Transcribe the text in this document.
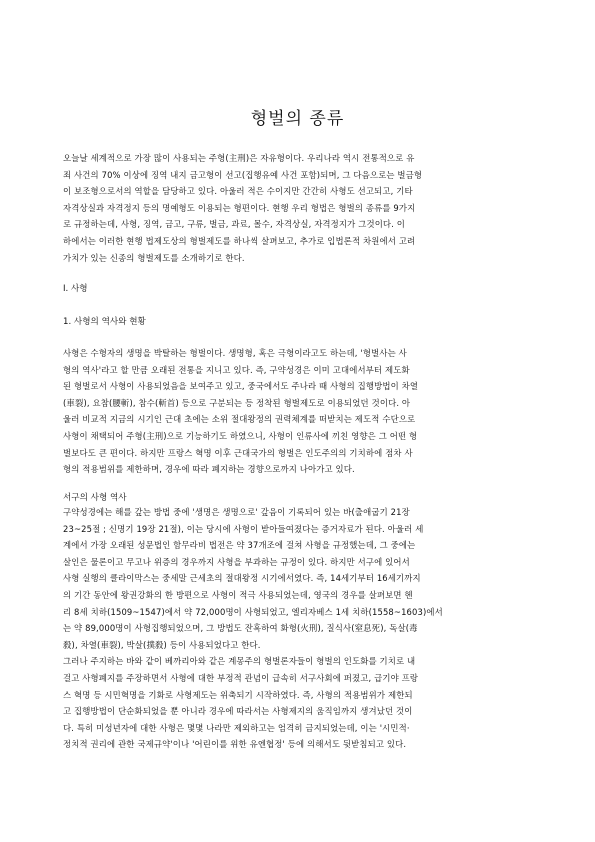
형벌의 종류
오늘날 세계적으로 가장 많이 사용되는 주형(主刑)은 자유형이다. 우리나라 역시 전통적으로 유
죄 사건의 70% 이상에 징역 내지 금고형이 선고(집행유예 사건 포함)되며, 그 다음으로는 벌금형
이 보조형으로서의 역할을 담당하고 있다. 아울러 적은 수이지만 간간히 사형도 선고되고, 기타
자격상실과 자격정지 등의 명예형도 이용되는 형편이다. 현행 우리 형법은 형벌의 종류를 9가지
로 규정하는데, 사형, 징역, 금고, 구류, 벌금, 과료, 몰수, 자격상실, 자격정지가 그것이다. 이
하에서는 이러한 현행 법제도상의 형벌제도를 하나씩 살펴보고, 추가로 입법론적 차원에서 고려
가치가 있는 신종의 형벌제도를 소개하기로 한다.
Ⅰ. 사형
1. 사형의 역사와 현황
사형은 수형자의 생명을 박탈하는 형벌이다. 생명형, 혹은 극형이라고도 하는데, '형벌사는 사
형의 역사'라고 할 만큼 오래된 전통을 지니고 있다. 즉, 구약성경은 이미 고대에서부터 제도화
된 형벌로서 사형이 사용되었음을 보여주고 있고, 중국에서도 주나라 때 사형의 집행방법이 차열
(車裂), 요참(腰斬), 참수(斬首) 등으로 구분되는 등 정착된 형벌제도로 이용되었던 것이다. 아
울러 비교적 지금의 시기인 근대 초에는 소위 절대왕정의 권력체계를 떠받치는 제도적 수단으로
사형이 채택되어 주형(主刑)으로 기능하기도 하였으니, 사형이 인류사에 끼친 영향은 그 어떤 형
벌보다도 큰 편이다. 하지만 프랑스 혁명 이후 근대국가의 형벌은 인도주의의 기치하에 점차 사
형의 적용범위를 제한하며, 경우에 따라 폐지하는 경향으로까지 나아가고 있다.
서구의 사형 역사
구약성경에는 해를 갚는 방법 중에 '생명은 생명으로' 갚음이 기록되어 있는 바(출애굽기 21장
23~25절 ; 신명기 19장 21절), 이는 당시에 사형이 받아들여졌다는 증거자료가 된다. 아울러 세
계에서 가장 오래된 성문법인 함무라비 법전은 약 37개조에 걸쳐 사형을 규정했는데, 그 중에는
살인은 물론이고 무고나 위증의 경우까지 사형을 부과하는 규정이 있다. 하지만 서구에 있어서
사형 실행의 클라이막스는 중세말 근세초의 절대왕정 시기에서였다. 즉, 14세기부터 16세기까지
의 기간 동안에 왕권강화의 한 방편으로 사형이 적극 사용되었는데, 영국의 경우를 살펴보면 헨
리 8세 치하(1509~1547)에서 약 72,000명이 사형되었고, 엘리자베스 1세 치하(1558~1603)에서
는 약 89,000명이 사형집행되었으며, 그 방법도 잔혹하여 화형(火刑), 질식사(窒息死), 독살(毒
殺), 차열(車裂), 박살(撲殺) 등이 사용되었다고 한다.
그러나 주지하는 바와 같이 베까리아와 같은 계몽주의 형벌론자들이 형벌의 인도화를 기치로 내
걸고 사형폐지를 주장하면서 사형에 대한 부정적 관념이 급속히 서구사회에 퍼졌고, 급기야 프랑
스 혁명 등 시민혁명을 기화로 사형제도는 위축되기 시작하였다. 즉, 사형의 적용범위가 제한되
고 집행방법이 단순화되었을 뿐 아니라 경우에 따라서는 사형제지의 움직임까지 생겨났던 것이
다. 특히 미성년자에 대한 사형은 몇몇 나라만 제외하고는 엄격히 금지되었는데, 이는 '시민적·
정치적 권리에 관한 국제규약'이나 '어린이를 위한 유엔협정' 등에 의해서도 뒷받침되고 있다.
